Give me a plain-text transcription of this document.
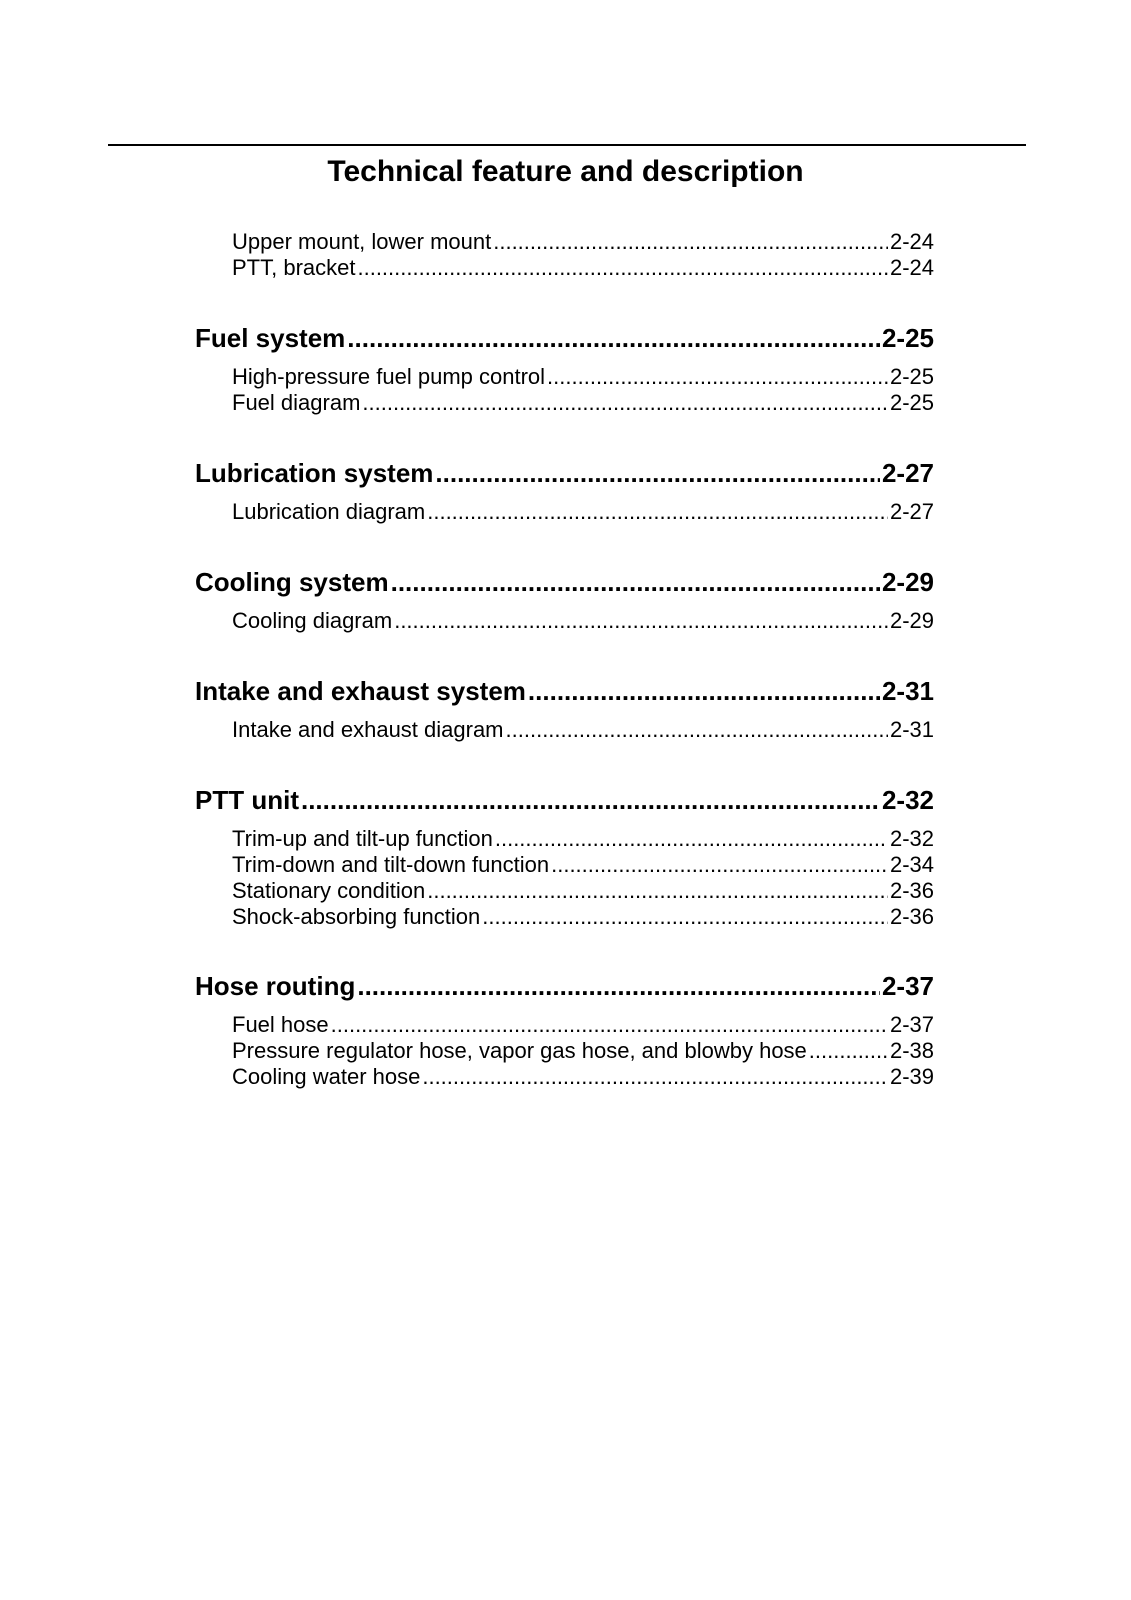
Technical feature and description
Upper mount, lower mount .....	2-24
PTT, bracket .....	2-24
Fuel system .....	2-25
High-pressure fuel pump control .....	2-25
Fuel diagram .....	2-25
Lubrication system .....	2-27
Lubrication diagram .....	2-27
Cooling system .....	2-29
Cooling diagram .....	2-29
Intake and exhaust system .....	2-31
Intake and exhaust diagram .....	2-31
PTT unit .....	2-32
Trim-up and tilt-up function .....	2-32
Trim-down and tilt-down function .....	2-34
Stationary condition .....	2-36
Shock-absorbing function .....	2-36
Hose routing .....	2-37
Fuel hose .....	2-37
Pressure regulator hose, vapor gas hose, and blowby hose .....	2-38
Cooling water hose .....	2-39
